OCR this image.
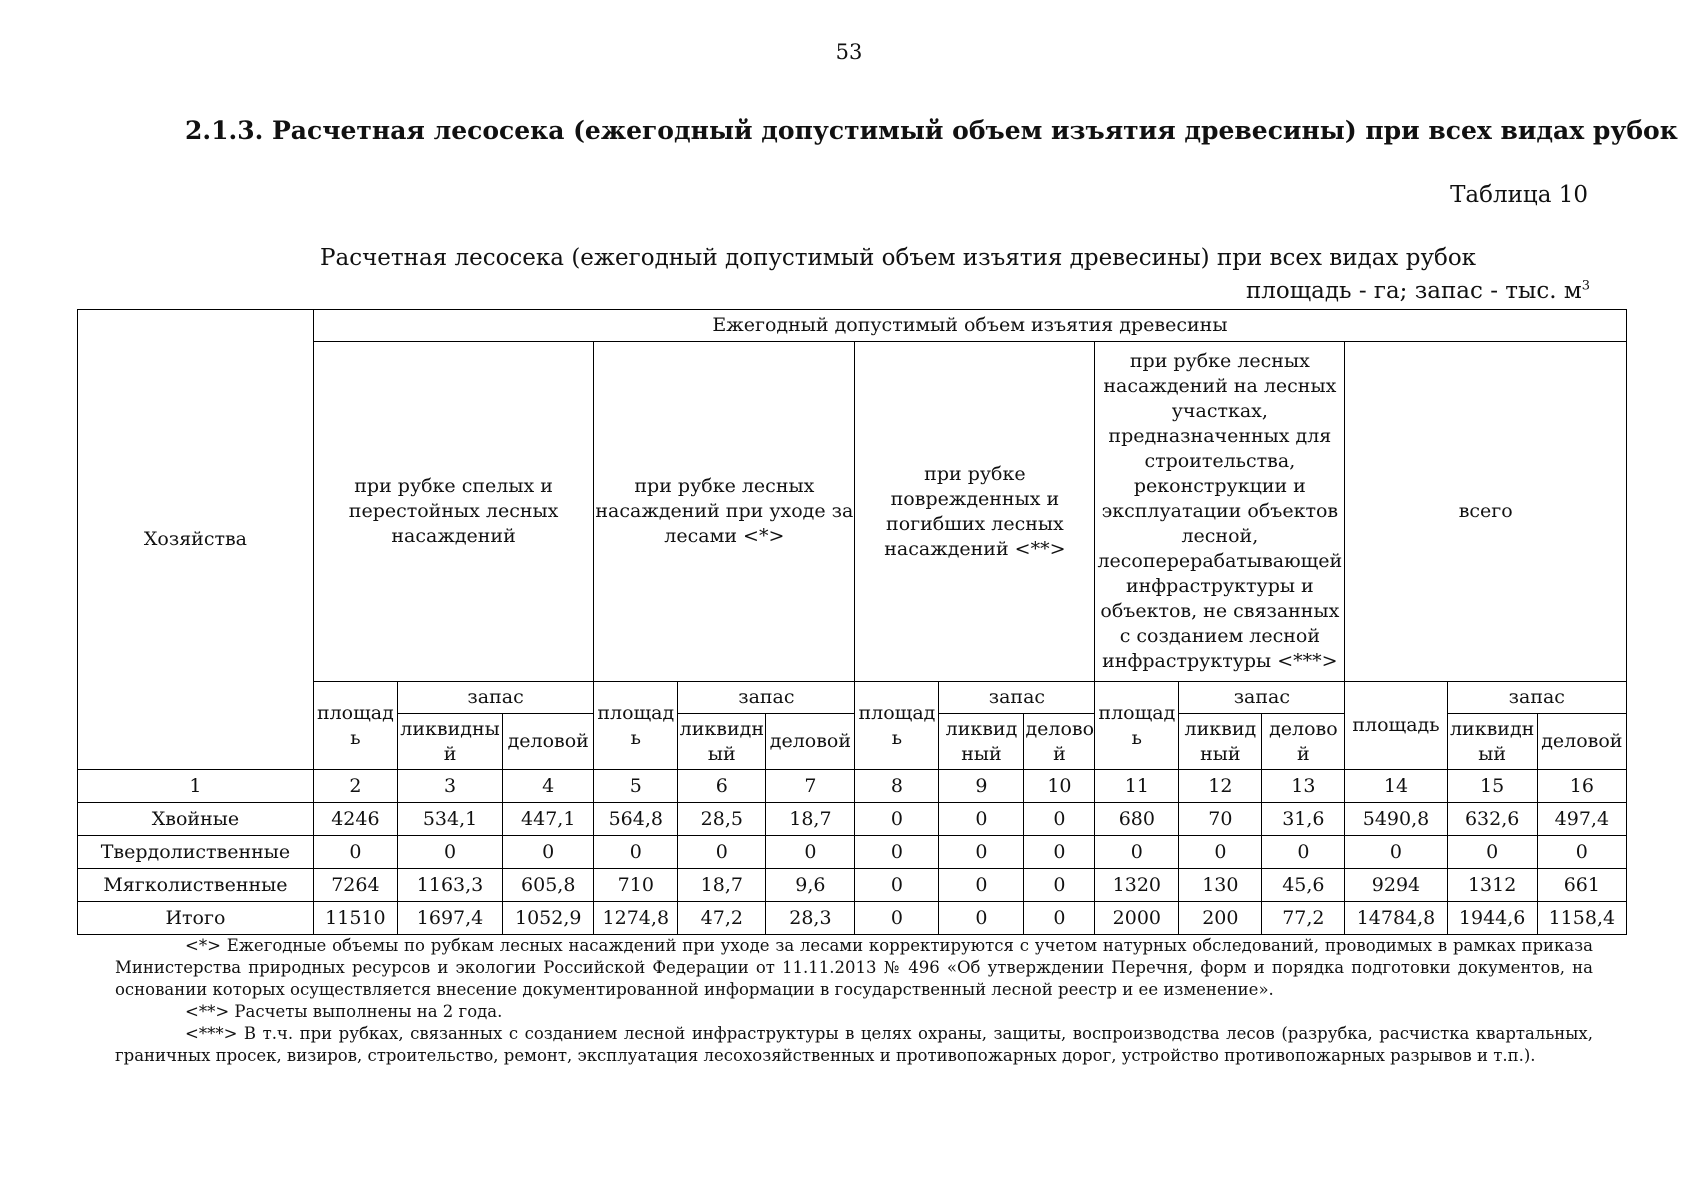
53
2.1.3. Расчетная лесосека (ежегодный допустимый объем изъятия древесины) при всех видах рубок
Таблица 10
Расчетная лесосека (ежегодный допустимый объем изъятия древесины) при всех видах рубок
площадь - га; запас - тыс. $м^3$
Хозяйства	Ежегодный допустимый объем изъятия древесины														
	при рубке спелых и перестойных лесных насаждений			при рубке лесных насаждений при уходе за лесами <*>			при рубке поврежденных и погибших лесных насаждений <**>			при рубке лесных насаждений на лесных участках, предназначенных для строительства, реконструкции и эксплуатации объектов лесной, лесоперерабатывающей инфраструктуры и объектов, не связанных с созданием лесной инфраструктуры <***>			всего		
	площад ь	запас		площад ь	запас		площад ь	запас		площад ь	запас		площадь	запас	
		ликвидны й	деловой		ликвидн ый	деловой		ликвид ный	делово й		ликвид ный	делово й		ликвидн ый	деловой
1	2	3	4	5	6	7	8	9	10	11	12	13	14	15	16
Хвойные	4246	534,1	447,1	564,8	28,5	18,7	0	0	0	680	70	31,6	5490,8	632,6	497,4
Твердолиственные	0	0	0	0	0	0	0	0	0	0	0	0	0	0	0
Мягколиственные	7264	1163,3	605,8	710	18,7	9,6	0	0	0	1320	130	45,6	9294	1312	661
Итого	11510	1697,4	1052,9	1274,8	47,2	28,3	0	0	0	2000	200	77,2	14784,8	1944,6	1158,4

<*> Ежегодные объемы по рубкам лесных насаждений при уходе за лесами корректируются с учетом натурных обследований, проводимых в рамках приказа Министерства природных ресурсов и экологии Российской Федерации от 11.11.2013 № 496 «Об утверждении Перечня, форм и порядка подготовки документов, на основании которых осуществляется внесение документированной информации в государственный лесной реестр и ее изменение».

<**> Расчеты выполнены на 2 года.

<***> В т.ч. при рубках, связанных с созданием лесной инфраструктуры в целях охраны, защиты, воспроизводства лесов (разрубка, расчистка квартальных, граничных просек, визиров, строительство, ремонт, эксплуатация лесохозяйственных и противопожарных дорог, устройство противопожарных разрывов и т.п.).
